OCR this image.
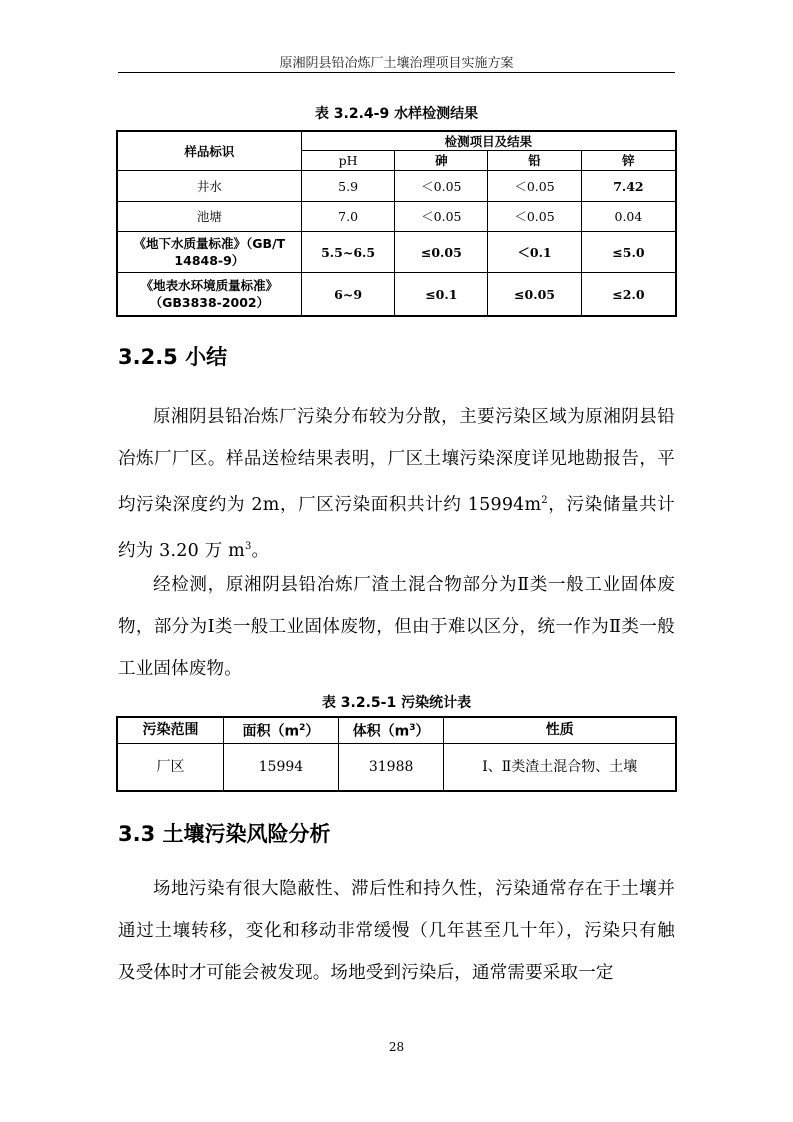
原湘阴县铅冶炼厂土壤治理项目实施方案
表 3.2.4-9 水样检测结果
样品标识	检测项目及结果			
	pH	砷	铅	锌
井水	5.9	＜0.05	＜0.05	7.42
池塘	7.0	＜0.05	＜0.05	0.04
《地下水质量标准》（GB/T 14848-9）	5.5~6.5	≤0.05	＜0.1	≤5.0
《地表水环境质量标准》（GB3838-2002）	6~9	≤0.1	≤0.05	≤2.0
3.2.5 小结

原湘阴县铅冶炼厂污染分布较为分散，主要污染区域为原湘阴县铅冶炼厂厂区。样品送检结果表明，厂区土壤污染深度详见地勘报告，平均污染深度约为 2m，厂区污染面积共计约 $15994m^2$，污染储量共计约为 3.20 万 $m^3$。

经检测，原湘阴县铅冶炼厂渣土混合物部分为Ⅱ类一般工业固体废物，部分为Ⅰ类一般工业固体废物，但由于难以区分，统一作为Ⅱ类一般工业固体废物。

表 3.2.5-1 污染统计表
污染范围	面积$(m^2)$	体积$(m^3)$	性质
厂区	15994	31988	Ⅰ、Ⅱ类渣土混合物、土壤
3.3 土壤污染风险分析

场地污染有很大隐蔽性、滞后性和持久性，污染通常存在于土壤并通过土壤转移，变化和移动非常缓慢（几年甚至几十年），污染只有触及受体时才可能会被发现。场地受到污染后，通常需要采取一定

28
